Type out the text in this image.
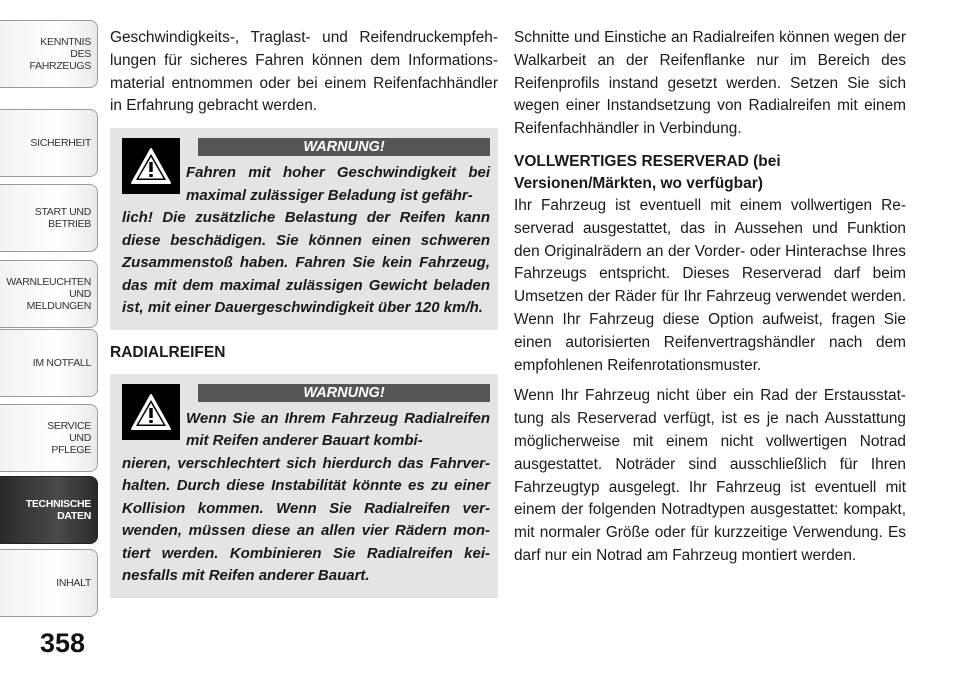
KENNTNIS
DES
FAHRZEUGS
SICHERHEIT
START UND
BETRIEB
WARNLEUCHTEN
UND
MELDUNGEN
IM NOTFALL
SERVICE
UND
PFLEGE
TECHNISCHE
DATEN
INHALT
358

Geschwindigkeits-, Traglast- und Reifendruckempfehlungen für sicheres Fahren können dem Informationsmaterial entnommen oder bei einem Reifenfachhändler in Erfahrung gebracht werden.

WARNUNG!
Fahren mit hoher Geschwindigkeit bei maximal zulässiger Beladung ist gefähr-
lich! Die zusätzliche Belastung der Reifen kann diese beschädigen. Sie können einen schweren Zusammenstoß haben. Fahren Sie kein Fahrzeug, das mit dem maximal zulässigen Gewicht beladen ist, mit einer Dauergeschwindigkeit über 120 km/h.
RADIALREIFEN
WARNUNG!
Wenn Sie an Ihrem Fahrzeug Radialreifen mit Reifen anderer Bauart kombi-
nieren, verschlechtert sich hierdurch das Fahrverhalten. Durch diese Instabilität könnte es zu einer Kollision kommen. Wenn Sie Radialreifen verwenden, müssen diese an allen vier Rädern montiert werden. Kombinieren Sie Radialreifen keinesfalls mit Reifen anderer Bauart.

Schnitte und Einstiche an Radialreifen können wegen der Walkarbeit an der Reifenflanke nur im Bereich des Reifenprofils instand gesetzt werden. Setzen Sie sich wegen einer Instandsetzung von Radialreifen mit einem Reifenfachhändler in Verbindung.

VOLLWERTIGES RESERVERAD (bei Versionen/Märkten, wo verfügbar)

Ihr Fahrzeug ist eventuell mit einem vollwertigen Reserverad ausgestattet, das in Aussehen und Funktion den Originalrädern an der Vorder- oder Hinterachse Ihres Fahrzeugs entspricht. Dieses Reserverad darf beim Umsetzen der Räder für Ihr Fahrzeug verwendet werden. Wenn Ihr Fahrzeug diese Option aufweist, fragen Sie einen autorisierten Reifenvertragshändler nach dem empfohlenen Reifenrotationsmuster.

Wenn Ihr Fahrzeug nicht über ein Rad der Erstausstattung als Reserverad verfügt, ist es je nach Ausstattung möglicherweise mit einem nicht vollwertigen Notrad ausgestattet. Noträder sind ausschließlich für Ihren Fahrzeugtyp ausgelegt. Ihr Fahrzeug ist eventuell mit einem der folgenden Notradtypen ausgestattet: kompakt, mit normaler Größe oder für kurzzeitige Verwendung. Es darf nur ein Notrad am Fahrzeug montiert werden.
